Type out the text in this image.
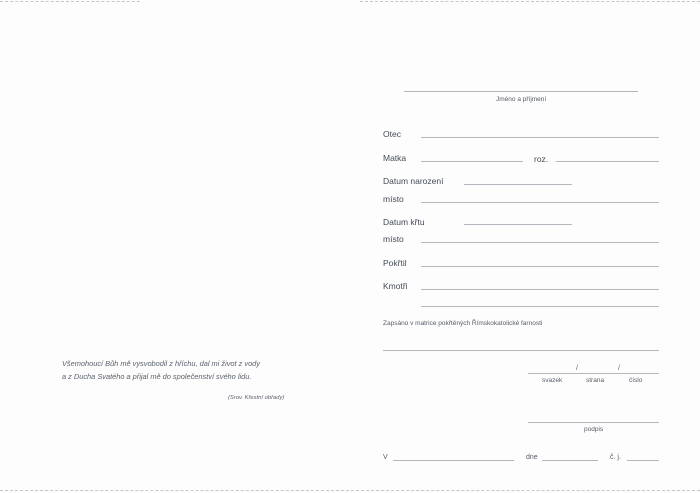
Jméno a příjmení
Otec
Matka	roz.
Datum narození
místo
Datum křtu
místo
Pokřtil
Kmotři
Zapsáno v matrice pokřtěných Římskokatolické farnosti
Všemohoucí Bůh mě vysvobodil z hříchu, dal mi život z vody
a z Ducha Svatého a přijal mě do společenství svého lidu.
(Srov. Křestní obřady)
/	/
svazek	strana	číslo
podpis
V	dne	č. j.
